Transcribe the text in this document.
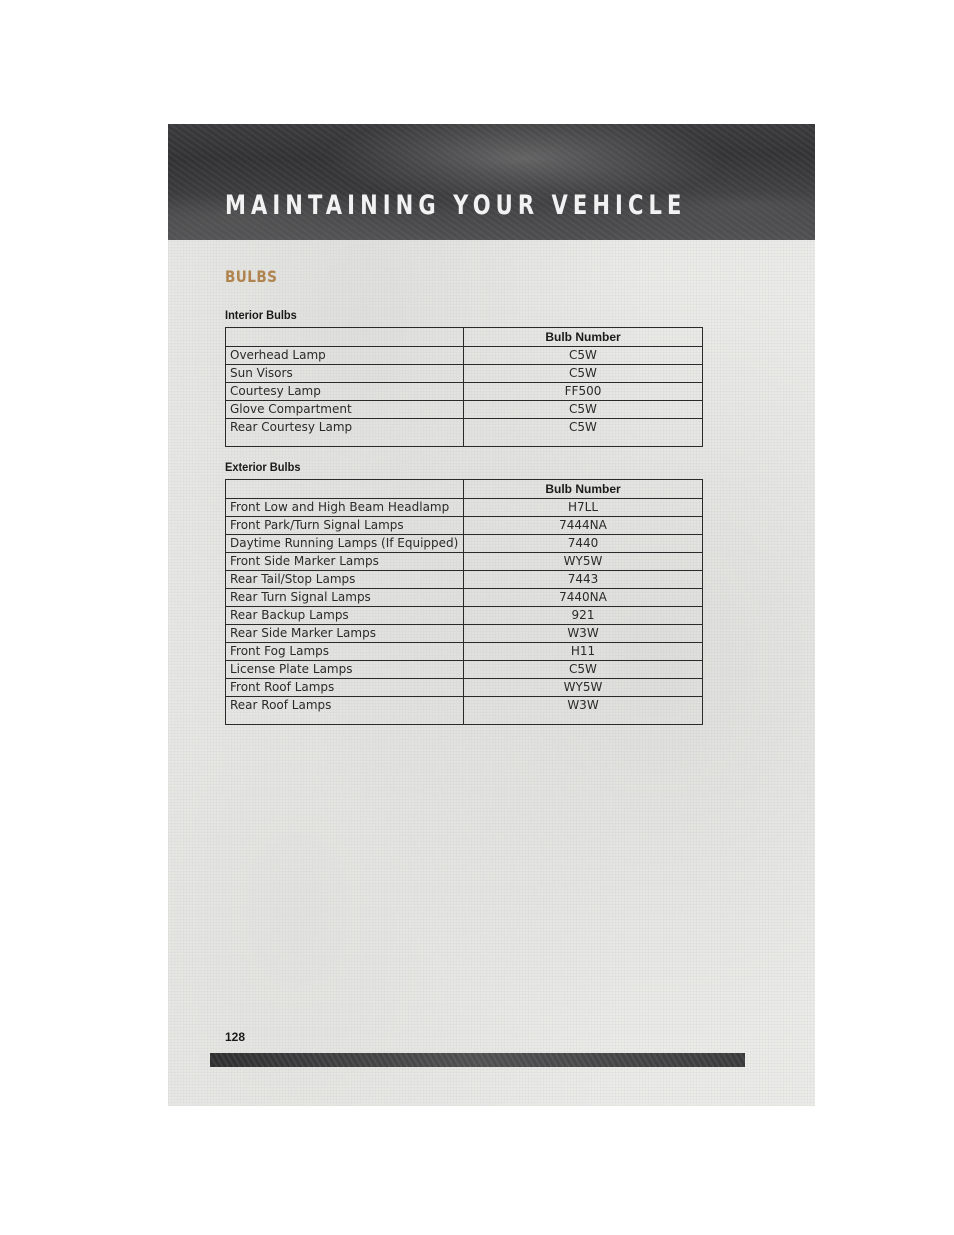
MAINTAINING YOUR VEHICLE
BULBS
Interior Bulbs
	Bulb Number
Overhead Lamp	C5W
Sun Visors	C5W
Courtesy Lamp	FF500
Glove Compartment	C5W
Rear Courtesy Lamp	C5W
Exterior Bulbs
	Bulb Number
Front Low and High Beam Headlamp	H7LL
Front Park/Turn Signal Lamps	7444NA
Daytime Running Lamps (If Equipped)	7440
Front Side Marker Lamps	WY5W
Rear Tail/Stop Lamps	7443
Rear Turn Signal Lamps	7440NA
Rear Backup Lamps	921
Rear Side Marker Lamps	W3W
Front Fog Lamps	H11
License Plate Lamps	C5W
Front Roof Lamps	WY5W
Rear Roof Lamps	W3W
128
